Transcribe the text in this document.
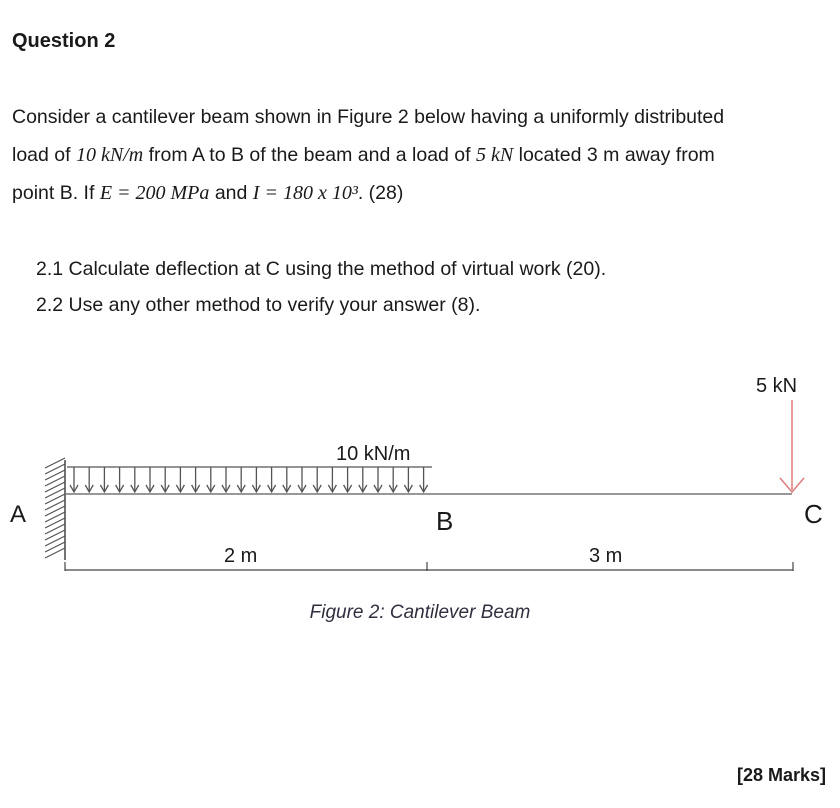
Question 2
Consider a cantilever beam shown in Figure 2 below having a uniformly distributed
load of 10 kN/m from A to B of the beam and a load of 5 kN located 3 m away from
point B. If E = 200 MPa and I = 180 x 10³. (28)
2.1 Calculate deflection at C using the method of virtual work (20).
2.2 Use any other method to verify your answer (8).
A	B	C
10 kN/m
5 kN
2 m	3 m
Figure 2: Cantilever Beam
[28 Marks]
